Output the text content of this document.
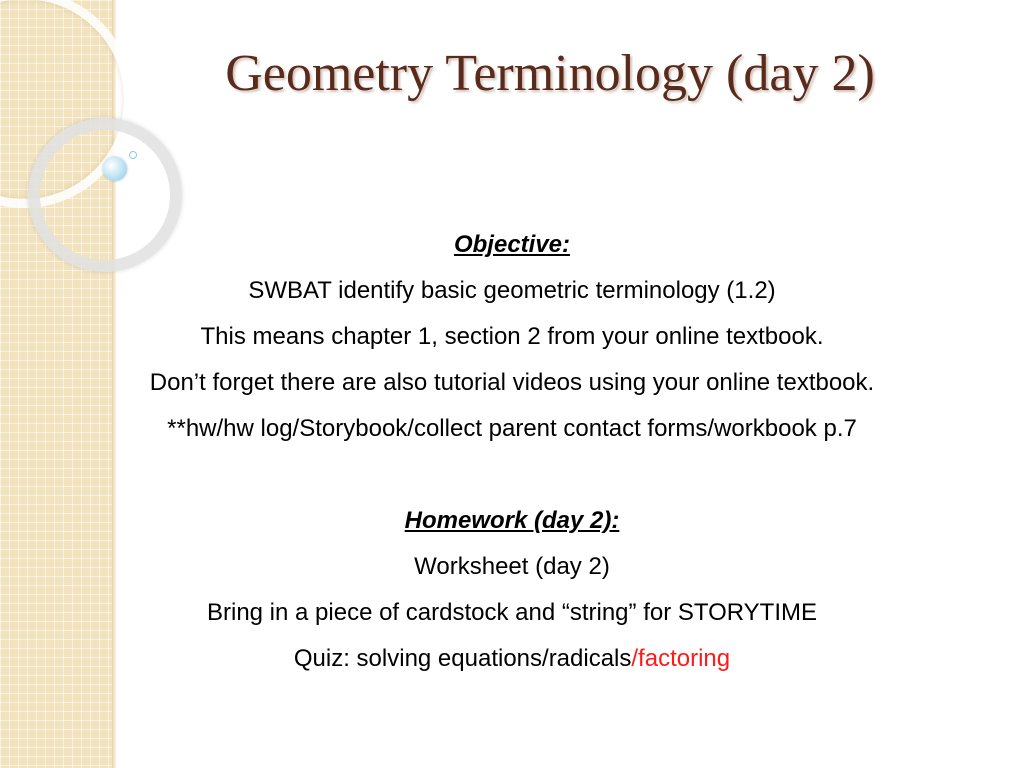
Geometry Terminology (day 2)
Objective:
SWBAT identify basic geometric terminology (1.2)
This means chapter 1, section 2 from your online textbook.
Don’t forget there are also tutorial videos using your online textbook.
**hw/hw log/Storybook/collect parent contact forms/workbook p.7
Homework (day 2):
Worksheet (day 2)
Bring in a piece of cardstock and “string” for STORYTIME
Quiz: solving equations/radicals/factoring
